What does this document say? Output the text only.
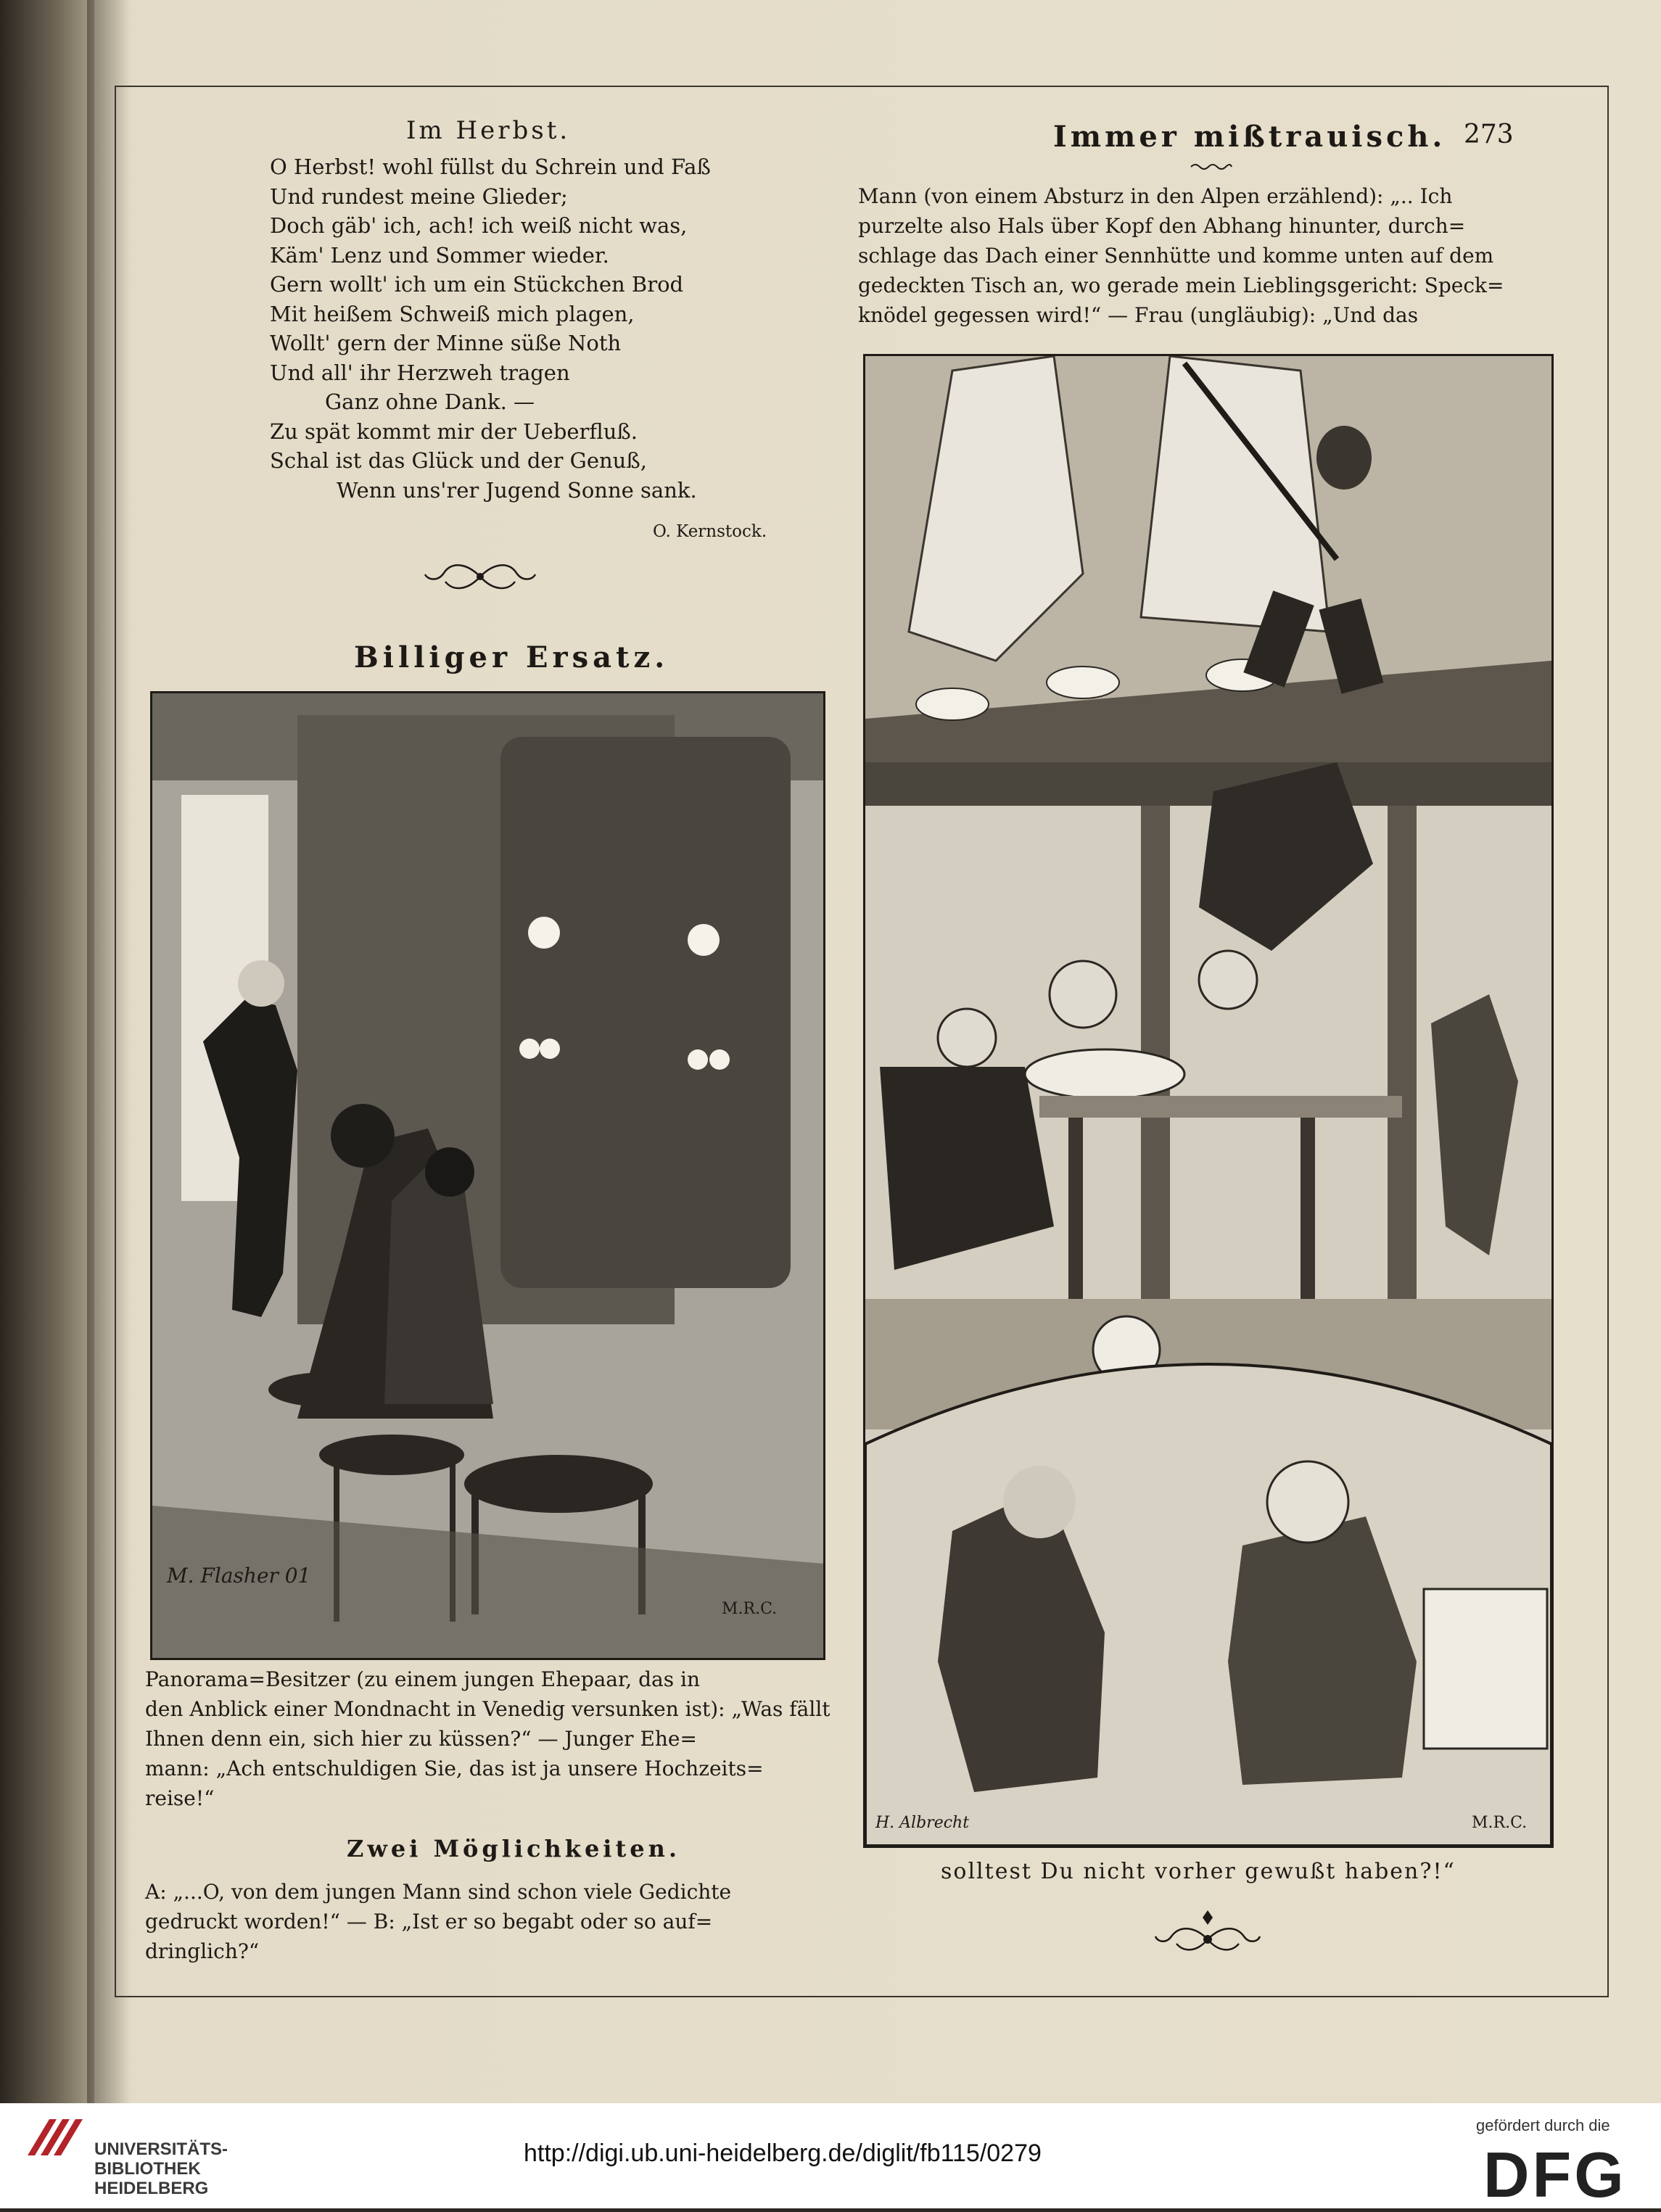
Im Herbst.
O Herbst! wohl füllst du Schrein und Faß
Und rundest meine Glieder;
Doch gäb' ich, ach! ich weiß nicht was,
Käm' Lenz und Sommer wieder.
Gern wollt' ich um ein Stückchen Brod
Mit heißem Schweiß mich plagen,
Wollt' gern der Minne süße Noth
Und all' ihr Herzweh tragen
Ganz ohne Dank. —
Zu spät kommt mir der Ueberfluß.
Schal ist das Glück und der Genuß,
Wenn uns'rer Jugend Sonne sank.
O. Kernstock.
Billiger Ersatz.
M. Flasher 01
M.R.C.
Panorama=Besitzer (zu einem jungen Ehepaar, das in
den Anblick einer Mondnacht in Venedig versunken ist): „Was fällt
Ihnen denn ein, sich hier zu küssen?“ — Junger Ehe=
mann: „Ach entschuldigen Sie, das ist ja unsere Hochzeits=
reise!“
Zwei Möglichkeiten.
A: „...O, von dem jungen Mann sind schon viele Gedichte
gedruckt worden!“ — B: „Ist er so begabt oder so auf=
dringlich?“
Immer mißtrauisch. 273
Mann (von einem Absturz in den Alpen erzählend): „.. Ich
purzelte also Hals über Kopf den Abhang hinunter, durch=
schlage das Dach einer Sennhütte und komme unten auf dem
gedeckten Tisch an, wo gerade mein Lieblingsgericht: Speck=
knödel gegessen wird!“ — Frau (ungläubig): „Und das
H. Albrecht	M.R.C.
solltest Du nicht vorher gewußt haben?!“
UNIVERSITÄTS-
BIBLIOTHEK
HEIDELBERG
http://digi.ub.uni-heidelberg.de/diglit/fb115/0279
gefördert durch die
DFG
